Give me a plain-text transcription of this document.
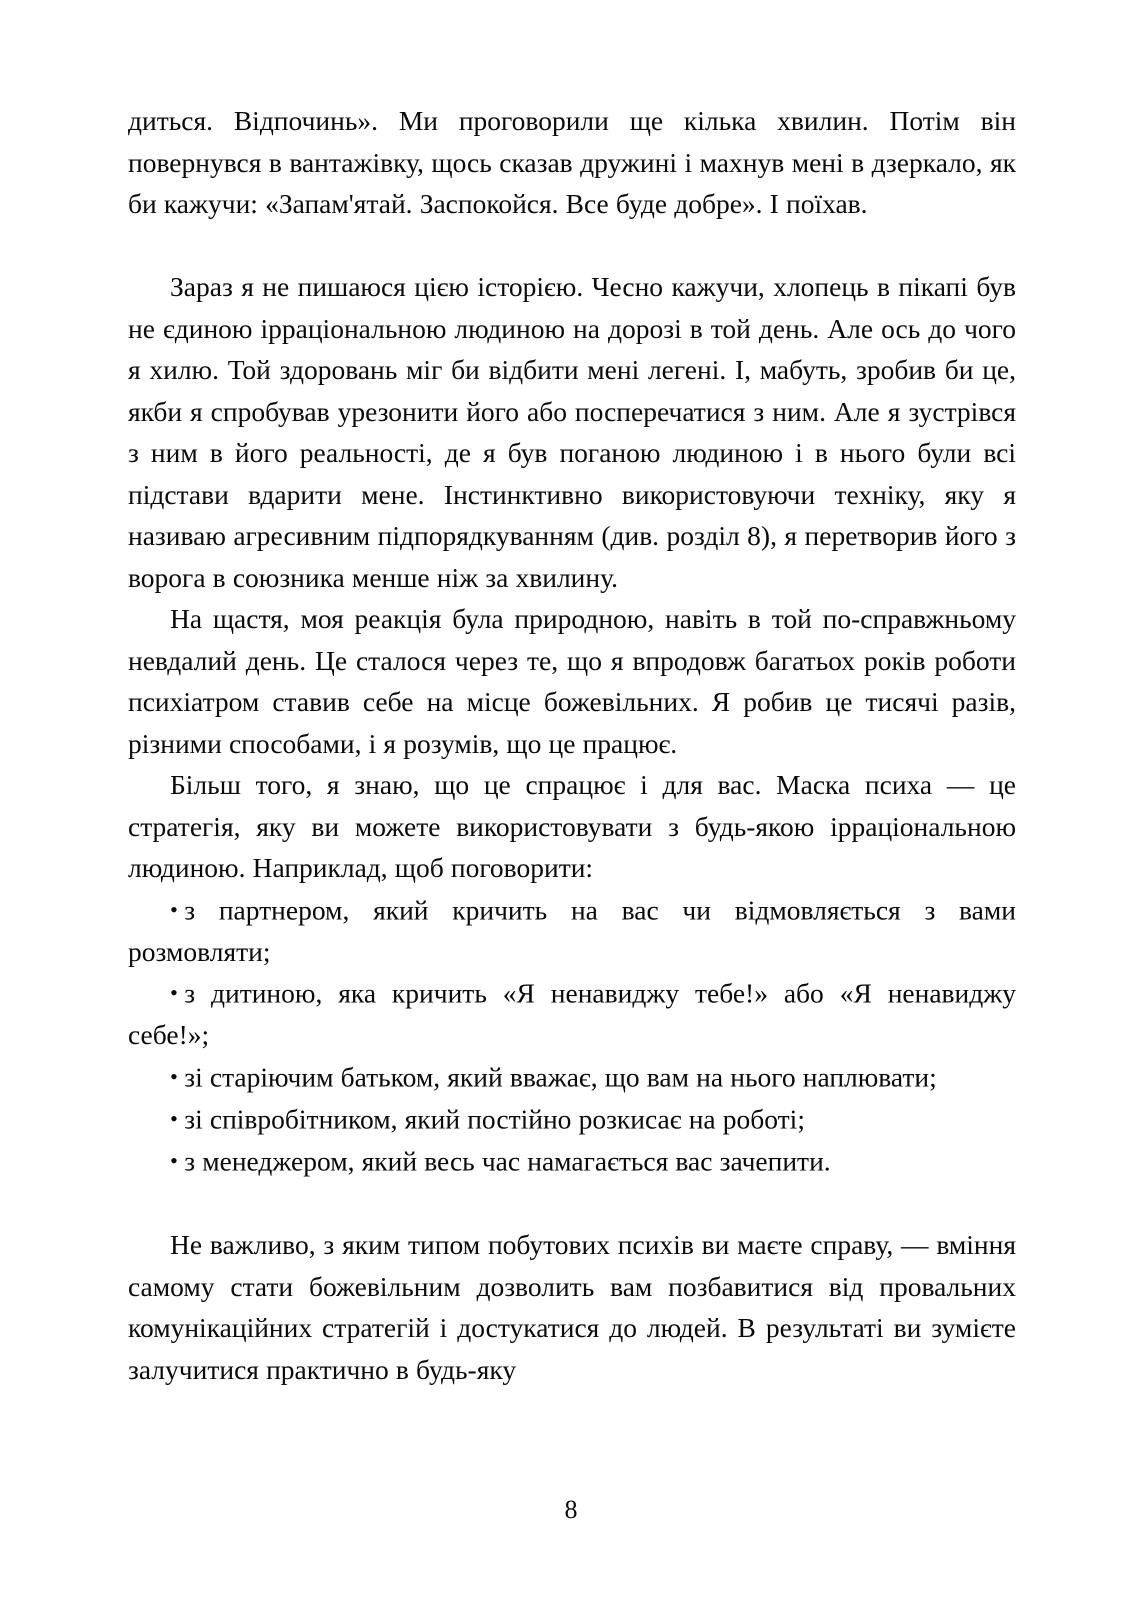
диться. Відпочинь». Ми проговорили ще кілька хвилин. Потім він повернувся в вантажівку, щось сказав дружині і махнув мені в дзеркало, як би кажучи: «Запам'ятай. Заспокойся. Все буде добре». І поїхав.

Зараз я не пишаюся цією історією. Чесно кажучи, хлопець в пікапі був не єдиною ірраціональною людиною на дорозі в той день. Але ось до чого я хилю. Той здоровань міг би відбити мені легені. І, мабуть, зробив би це, якби я спробував урезонити його або посперечатися з ним. Але я зустрівся з ним в його реальності, де я був поганою людиною і в нього були всі підстави вдарити мене. Інстинктивно використовуючи техніку, яку я називаю агресивним підпорядкуванням (див. розділ 8), я перетворив його з ворога в союзника менше ніж за хвилину.

На щастя, моя реакція була природною, навіть в той по-справжньому невдалий день. Це сталося через те, що я впродовж багатьох років роботи психіатром ставив себе на місце божевільних. Я робив це тисячі разів, різними способами, і я розумів, що це працює.

Більш того, я знаю, що це спрацює і для вас. Маска психа — це стратегія, яку ви можете використовувати з будь-якою ірраціональною людиною. Наприклад, щоб поговорити:

• з партнером, який кричить на вас чи відмовляється з вами розмовляти;
• з дитиною, яка кричить «Я ненавиджу тебе!» або «Я ненавиджу себе!»;
• зі старіючим батьком, який вважає, що вам на нього наплювати;
• зі співробітником, який постійно розкисає на роботі;
• з менеджером, який весь час намагається вас зачепити.

Не важливо, з яким типом побутових психів ви маєте справу, — вміння самому стати божевільним дозволить вам позбавитися від провальних комунікаційних стратегій і достукатися до людей. В результаті ви зумієте залучитися практично в будь-яку

8
